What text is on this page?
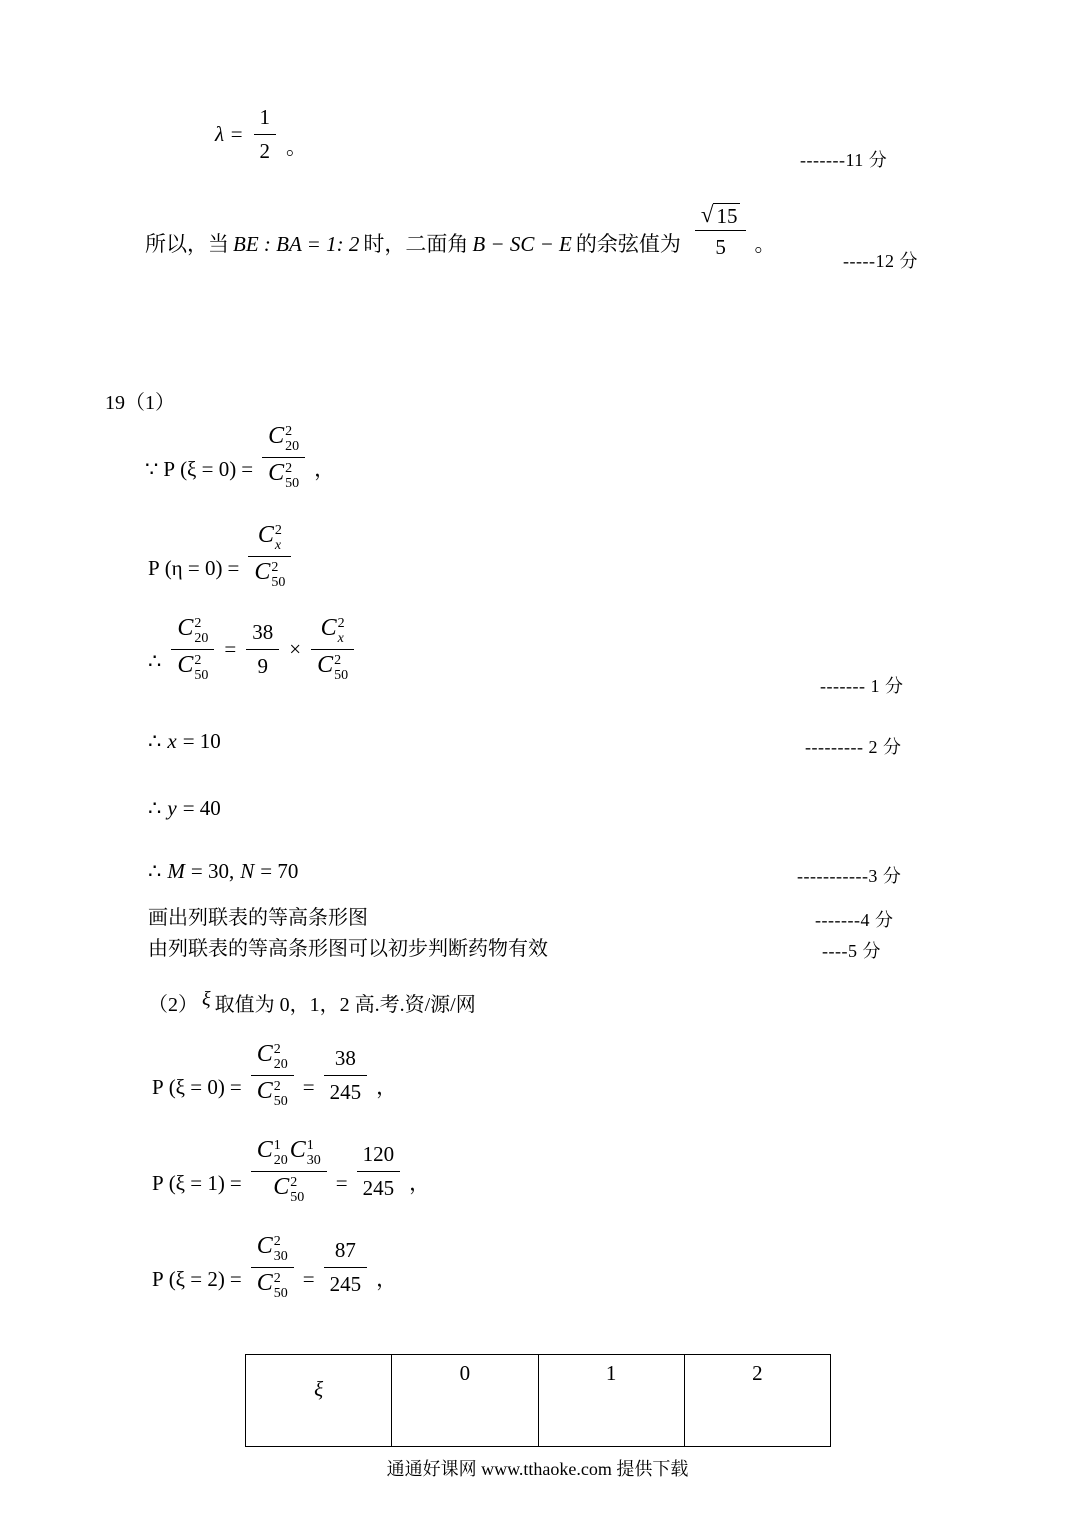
$\lambda = \frac{1}{2}$ 。
-------11 分
所以，当 BE : BA = 1: 2 时，二面角 B − SC − E 的余弦值为 $\frac{√ 15}{5}$ 。
-----12 分
19（1）
∵ P (ξ = 0) = C 2
20
C 2
50 ，
P (η = 0) = C 2
x
C 2
50
∴ C 2
20
C 2
$50 = \frac{38}{9} \times C$ 2
x
C 2
50
------- 1 分
∴ x = 10	--------- 2 分
∴ y = 40
∴ M = 30, N = 70	-----------3 分
画出列联表的等高条形图	-------4 分
由列联表的等高条形图可以初步判断药物有效	----5 分
（2） ξ 取值为 0，1，2 高.考.资/源/网
P (ξ = 0) = C 2
20
C 2
$50 = \frac{38}{245}$ ，
P (ξ = 1) =
C 1
20 C 1
30
C 2
50
= $\frac{120}{245}$ ，
P (ξ = 2) = C 2
30
C 2
$50 = \frac{87}{245}$ ，
ξ	0	1	2
通通好课网 www.tthaoke.com 提供下载
